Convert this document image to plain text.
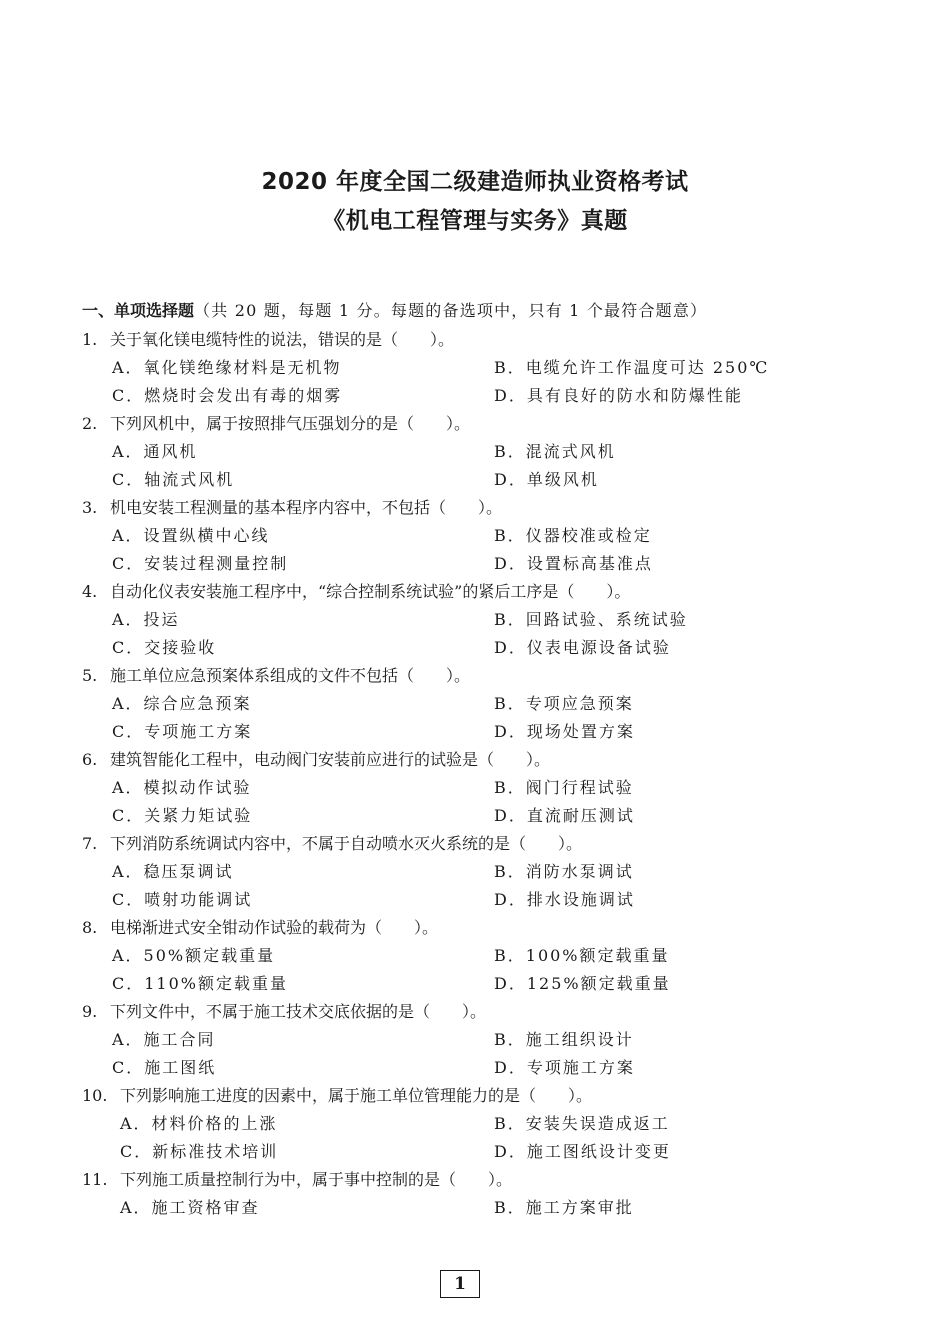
2020 年度全国二级建造师执业资格考试
《机电工程管理与实务》真题
一、单项选择题（共 20 题，每题 1 分。每题的备选项中，只有 1 个最符合题意）
1. 关于氧化镁电缆特性的说法，错误的是（　　）。
A．氧化镁绝缘材料是无机物	B．电缆允许工作温度可达 250℃
C．燃烧时会发出有毒的烟雾	D．具有良好的防水和防爆性能
2. 下列风机中，属于按照排气压强划分的是（　　）。
A．通风机	B．混流式风机
C．轴流式风机	D．单级风机
3. 机电安装工程测量的基本程序内容中，不包括（　　）。
A．设置纵横中心线	B．仪器校准或检定
C．安装过程测量控制	D．设置标高基准点
4. 自动化仪表安装施工程序中，“综合控制系统试验”的紧后工序是（　　）。
A．投运	B．回路试验、系统试验
C．交接验收	D．仪表电源设备试验
5. 施工单位应急预案体系组成的文件不包括（　　）。
A．综合应急预案	B．专项应急预案
C．专项施工方案	D．现场处置方案
6. 建筑智能化工程中，电动阀门安装前应进行的试验是（　　）。
A．模拟动作试验	B．阀门行程试验
C．关紧力矩试验	D．直流耐压测试
7. 下列消防系统调试内容中，不属于自动喷水灭火系统的是（　　）。
A．稳压泵调试	B．消防水泵调试
C．喷射功能调试	D．排水设施调试
8. 电梯渐进式安全钳动作试验的载荷为（　　）。
A．50%额定载重量	B．100%额定载重量
C．110%额定载重量	D．125%额定载重量
9. 下列文件中，不属于施工技术交底依据的是（　　）。
A．施工合同	B．施工组织设计
C．施工图纸	D．专项施工方案
10. 下列影响施工进度的因素中，属于施工单位管理能力的是（　　）。
A．材料价格的上涨	B．安装失误造成返工
C．新标准技术培训	D．施工图纸设计变更
11. 下列施工质量控制行为中，属于事中控制的是（　　）。
A．施工资格审查	B．施工方案审批
1
